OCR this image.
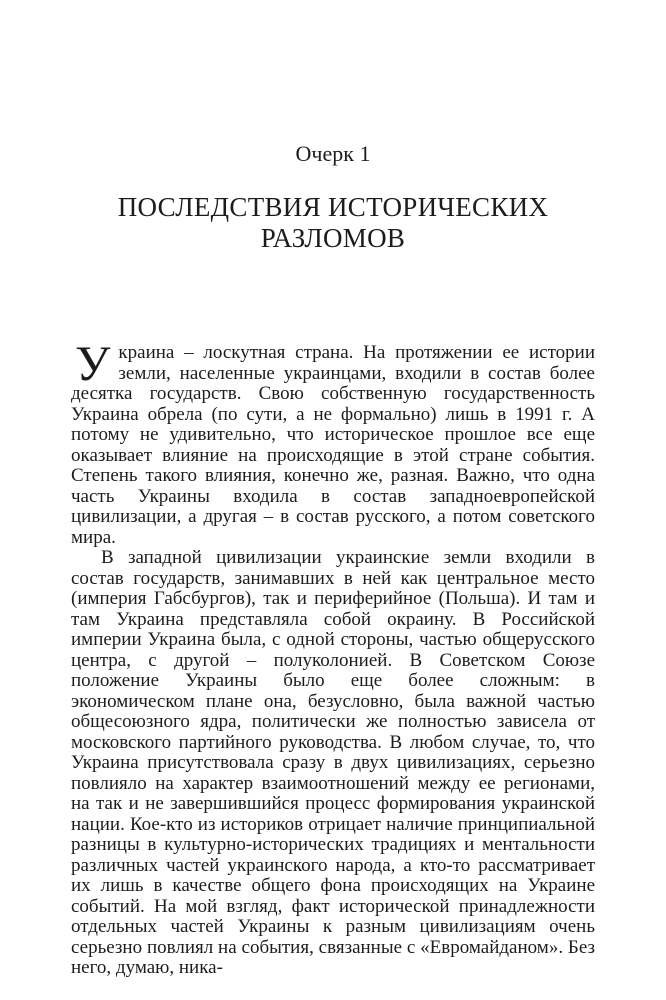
Очерк 1
ПОСЛЕДСТВИЯ ИСТОРИЧЕСКИХ РАЗЛОМОВ

Украина – лоскутная страна. На протяжении ее истории земли, населенные украинцами, входили в состав более десятка государств. Свою собственную государственность Украина обрела (по сути, а не формально) лишь в 1991 г. А потому не удивительно, что историческое прошлое все еще оказывает влияние на происходящие в этой стране события. Степень такого влияния, конечно же, разная. Важно, что одна часть Украины входила в состав западноевропейской цивилизации, а другая – в состав русского, а потом советского мира.

В западной цивилизации украинские земли входили в состав государств, занимавших в ней как центральное место (империя Габсбургов), так и периферийное (Польша). И там и там Украина представляла собой окраину. В Российской империи Украина была, с одной стороны, частью общерусского центра, с другой – полуколонией. В Советском Союзе положение Украины было еще более сложным: в экономическом плане она, безусловно, была важной частью общесоюзного ядра, политически же полностью зависела от московского партийного руководства. В любом случае, то, что Украина присутствовала сразу в двух цивилизациях, серьезно повлияло на характер взаимоотношений между ее регионами, на так и не завершившийся процесс формирования украинской нации. Кое-кто из историков отрицает наличие принципиальной разницы в культурно-исторических традициях и ментальности различных частей украинского народа, а кто-то рассматривает их лишь в качестве общего фона происходящих на Украине событий. На мой взгляд, факт исторической принадлежности отдельных частей Украины к разным цивилизациям очень серьезно повлиял на события, связанные с «Евромайданом». Без него, думаю, ника-
